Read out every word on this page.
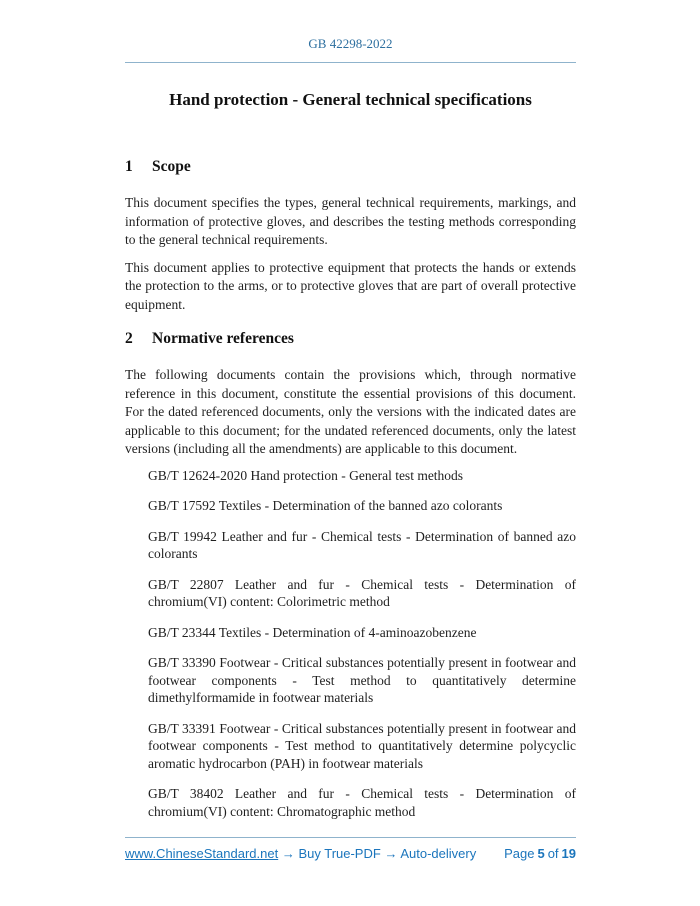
GB 42298-2022
Hand protection - General technical specifications
1 Scope

This document specifies the types, general technical requirements, markings, and information of protective gloves, and describes the testing methods corresponding to the general technical requirements.

This document applies to protective equipment that protects the hands or extends the protection to the arms, or to protective gloves that are part of overall protective equipment.

2 Normative references

The following documents contain the provisions which, through normative reference in this document, constitute the essential provisions of this document. For the dated referenced documents, only the versions with the indicated dates are applicable to this document; for the undated referenced documents, only the latest versions (including all the amendments) are applicable to this document.

GB/T 12624-2020 Hand protection - General test methods

GB/T 17592 Textiles - Determination of the banned azo colorants

GB/T 19942 Leather and fur - Chemical tests - Determination of banned azo colorants

GB/T 22807 Leather and fur - Chemical tests - Determination of chromium(VI) content: Colorimetric method

GB/T 23344 Textiles - Determination of 4-aminoazobenzene

GB/T 33390 Footwear - Critical substances potentially present in footwear and footwear components - Test method to quantitatively determine dimethylformamide in footwear materials

GB/T 33391 Footwear - Critical substances potentially present in footwear and footwear components - Test method to quantitatively determine polycyclic aromatic hydrocarbon (PAH) in footwear materials

GB/T 38402 Leather and fur - Chemical tests - Determination of chromium(VI) content: Chromatographic method

www.ChineseStandard.net → Buy True-PDF → Auto-delivery Page 5 of 19
